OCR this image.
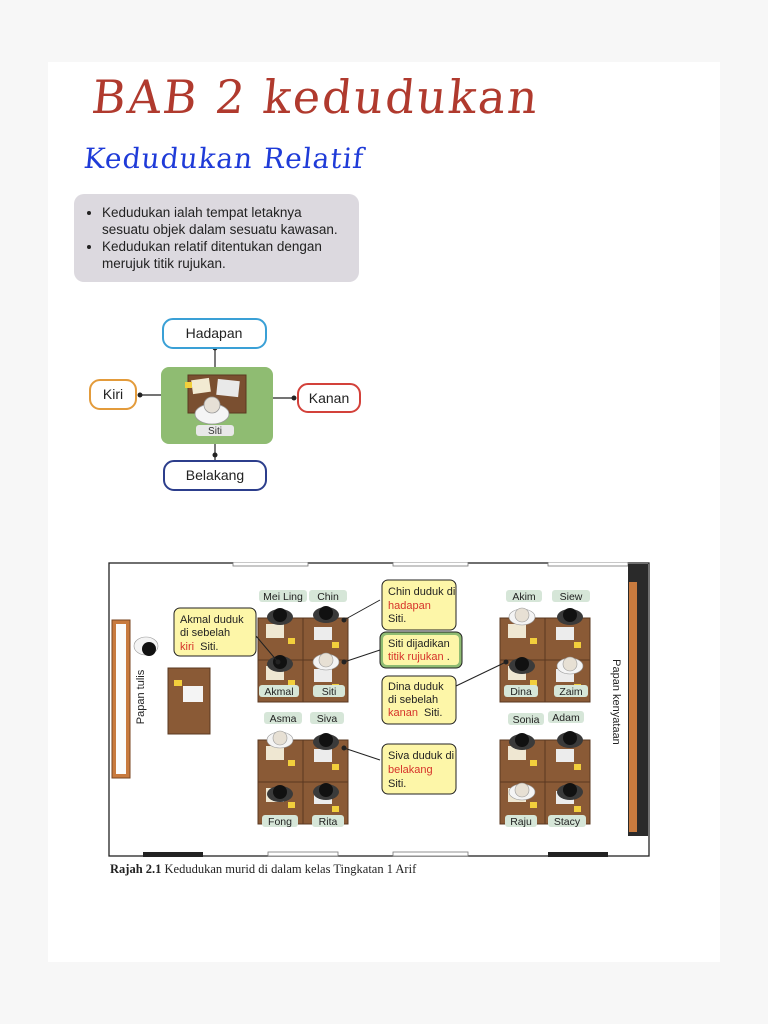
BAB 2 kedudukan
Kedudukan Relatif
• Kedudukan ialah tempat letaknya sesuatu objek dalam sesuatu kawasan.
• Kedudukan relatif ditentukan dengan merujuk titik rujukan.
Hadapan
Kiri	Kanan
Belakang
Siti
Papan tulis	Papan kenyataan
Mei Ling Chin
Akmal	Siti
Asma Siva
Fong	Rita
Akim Siew
Dina	Zaim
Sonia Adam
Raju Stacy
Akmal duduk di sebelah
kiri Siti.
Chin duduk di
hadapan
Siti.
Siti dijadikan
titik rujukan .
Dina duduk di sebelah
kanan Siti.
Siva duduk di
belakang
Siti.
Rajah 2.1 Kedudukan murid di dalam kelas Tingkatan 1 Arif
